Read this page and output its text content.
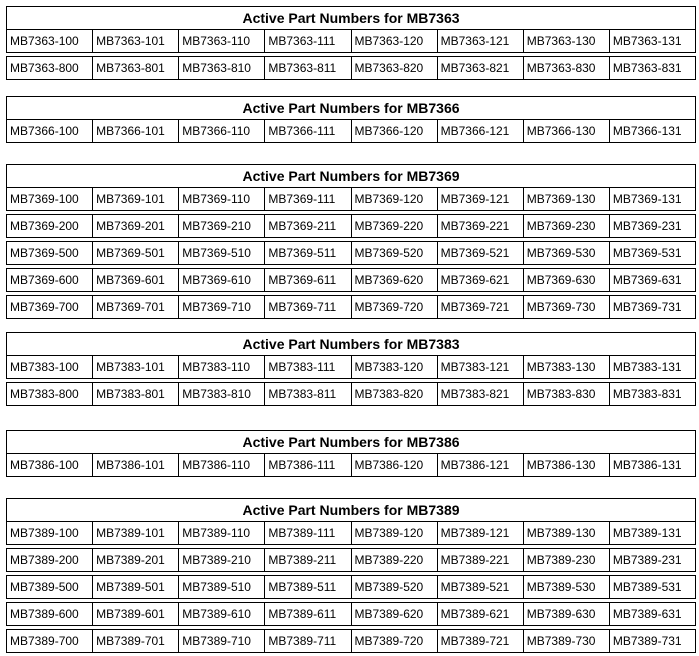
Active Part Numbers for MB7363							
MB7363-100	MB7363-101	MB7363-110	MB7363-111	MB7363-120	MB7363-121	MB7363-130	MB7363-131

MB7363-800	MB7363-801	MB7363-810	MB7363-811	MB7363-820	MB7363-821	MB7363-830	MB7363-831
Active Part Numbers for MB7366
MB7366-100	MB7366-101	MB7366-110	MB7366-111	MB7366-120	MB7366-121	MB7366-130	MB7366-131
Active Part Numbers for MB7369							
MB7369-100	MB7369-101	MB7369-110	MB7369-111	MB7369-120	MB7369-121	MB7369-130	MB7369-131

MB7369-200	MB7369-201	MB7369-210	MB7369-211	MB7369-220	MB7369-221	MB7369-230	MB7369-231

MB7369-500	MB7369-501	MB7369-510	MB7369-511	MB7369-520	MB7369-521	MB7369-530	MB7369-531

MB7369-600	MB7369-601	MB7369-610	MB7369-611	MB7369-620	MB7369-621	MB7369-630	MB7369-631

MB7369-700	MB7369-701	MB7369-710	MB7369-711	MB7369-720	MB7369-721	MB7369-730	MB7369-731
Active Part Numbers for MB7383							
MB7383-100	MB7383-101	MB7383-110	MB7383-111	MB7383-120	MB7383-121	MB7383-130	MB7383-131

MB7383-800	MB7383-801	MB7383-810	MB7383-811	MB7383-820	MB7383-821	MB7383-830	MB7383-831
Active Part Numbers for MB7386
MB7386-100	MB7386-101	MB7386-110	MB7386-111	MB7386-120	MB7386-121	MB7386-130	MB7386-131
Active Part Numbers for MB7389							
MB7389-100	MB7389-101	MB7389-110	MB7389-111	MB7389-120	MB7389-121	MB7389-130	MB7389-131

MB7389-200	MB7389-201	MB7389-210	MB7389-211	MB7389-220	MB7389-221	MB7389-230	MB7389-231

MB7389-500	MB7389-501	MB7389-510	MB7389-511	MB7389-520	MB7389-521	MB7389-530	MB7389-531

MB7389-600	MB7389-601	MB7389-610	MB7389-611	MB7389-620	MB7389-621	MB7389-630	MB7389-631

MB7389-700	MB7389-701	MB7389-710	MB7389-711	MB7389-720	MB7389-721	MB7389-730	MB7389-731
